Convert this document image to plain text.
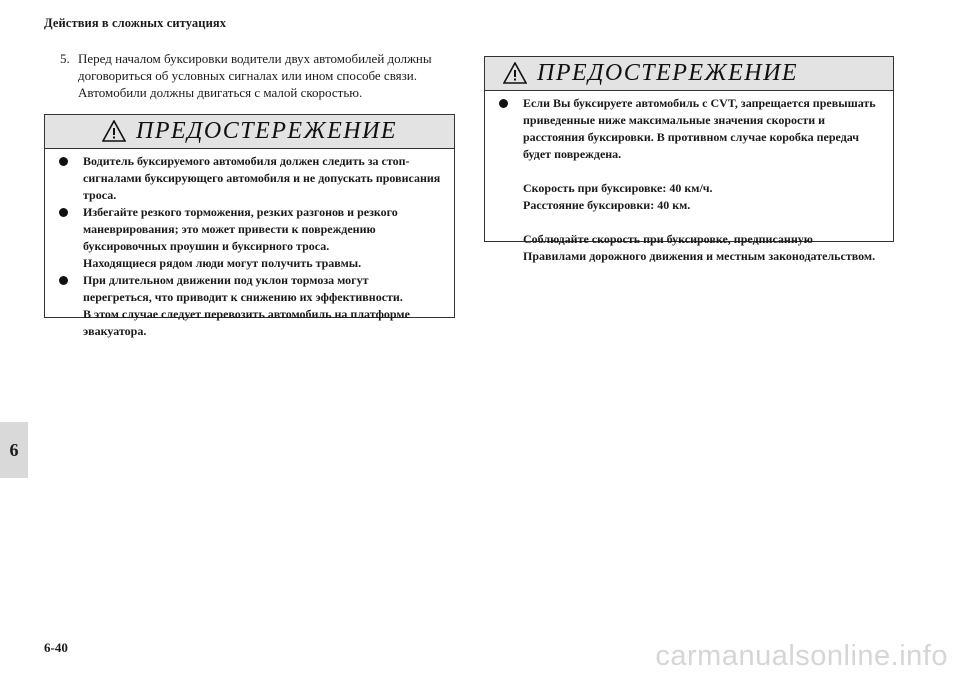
Действия в сложных ситуациях
5. Перед началом буксировки водители двух автомобилей должны
договориться об условных сигналах или ином способе связи.
Автомобили должны двигаться с малой скоростью.
ПРЕДОСТЕРЕЖЕНИЕ
Водитель буксируемого автомобиля должен следить за стоп-
сигналами буксирующего автомобиля и не допускать провисания
троса.
Избегайте резкого торможения, резких разгонов и резкого
маневрирования; это может привести к повреждению
буксировочных проушин и буксирного троса.
Находящиеся рядом люди могут получить травмы.
При длительном движении под уклон тормоза могут
перегреться, что приводит к снижению их эффективности.
В этом случае следует перевозить автомобиль на платформе
эвакуатора.
ПРЕДОСТЕРЕЖЕНИЕ
Если Вы буксируете автомобиль с CVT, запрещается превышать
приведенные ниже максимальные значения скорости и
расстояния буксировки. В противном случае коробка передач
будет повреждена.
Скорость при буксировке: 40 км/ч.
Расстояние буксировки: 40 км.
Соблюдайте скорость при буксировке, предписанную
Правилами дорожного движения и местным законодательством.
6
6-40	carmanualsonline.info
